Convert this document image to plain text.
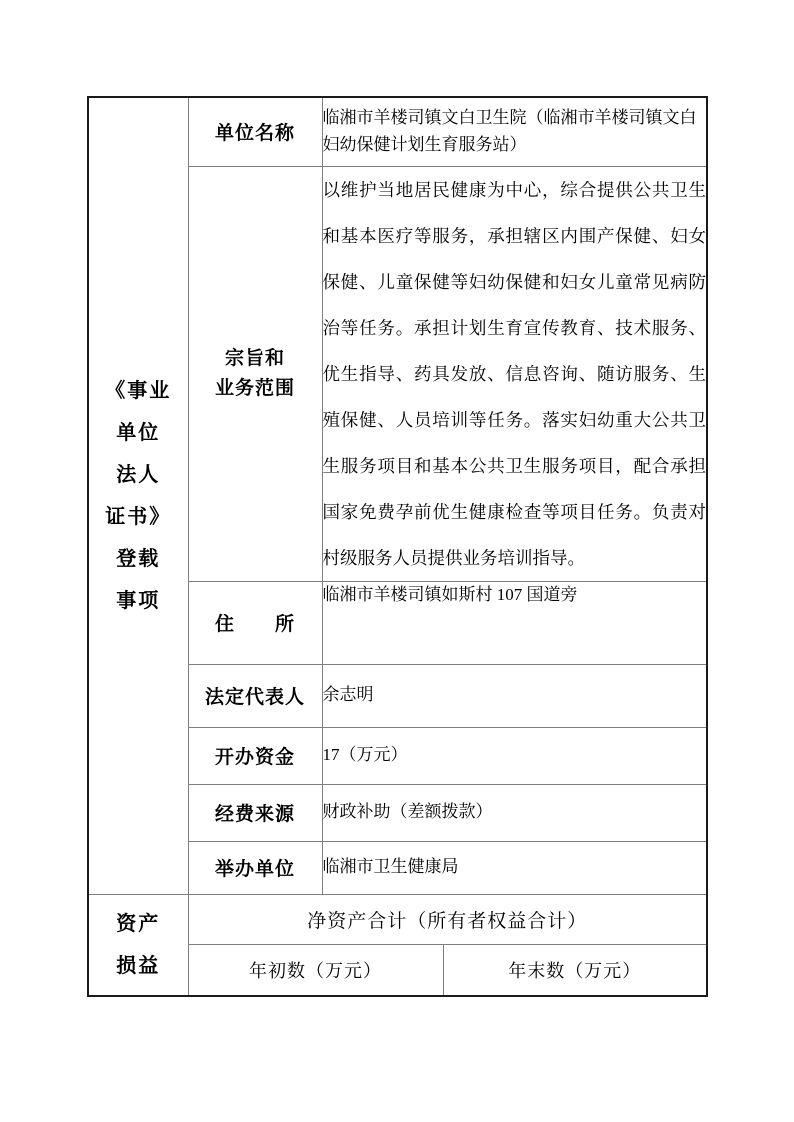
《事业
单位
法人
证书》
登载
事项
	单位名称	临湘市羊楼司镇文白卫生院（临湘市羊楼司镇文白妇幼保健计划生育服务站）

	宗旨和
业务范围	以维护当地居民健康为中心，综合提供公共卫生和基本医疗等服务，承担辖区内围产保健、妇女保健、儿童保健等妇幼保健和妇女儿童常见病防治等任务。承担计划生育宣传教育、技术服务、优生指导、药具发放、信息咨询、随访服务、生殖保健、人员培训等任务。落实妇幼重大公共卫生服务项目和基本公共卫生服务项目，配合承担国家免费孕前优生健康检查等项目任务。负责对村级服务人员提供业务培训指导。	
	住　　所	临湘市羊楼司镇如斯村 107 国道旁	
	法定代表人	余志明	
	开办资金	17（万元）	
	经费来源	财政补助（差额拨款）	
	举办单位	临湘市卫生健康局	

资产
损益	净资产合计（所有者权益合计）		
	年初数（万元）		年末数（万元）
